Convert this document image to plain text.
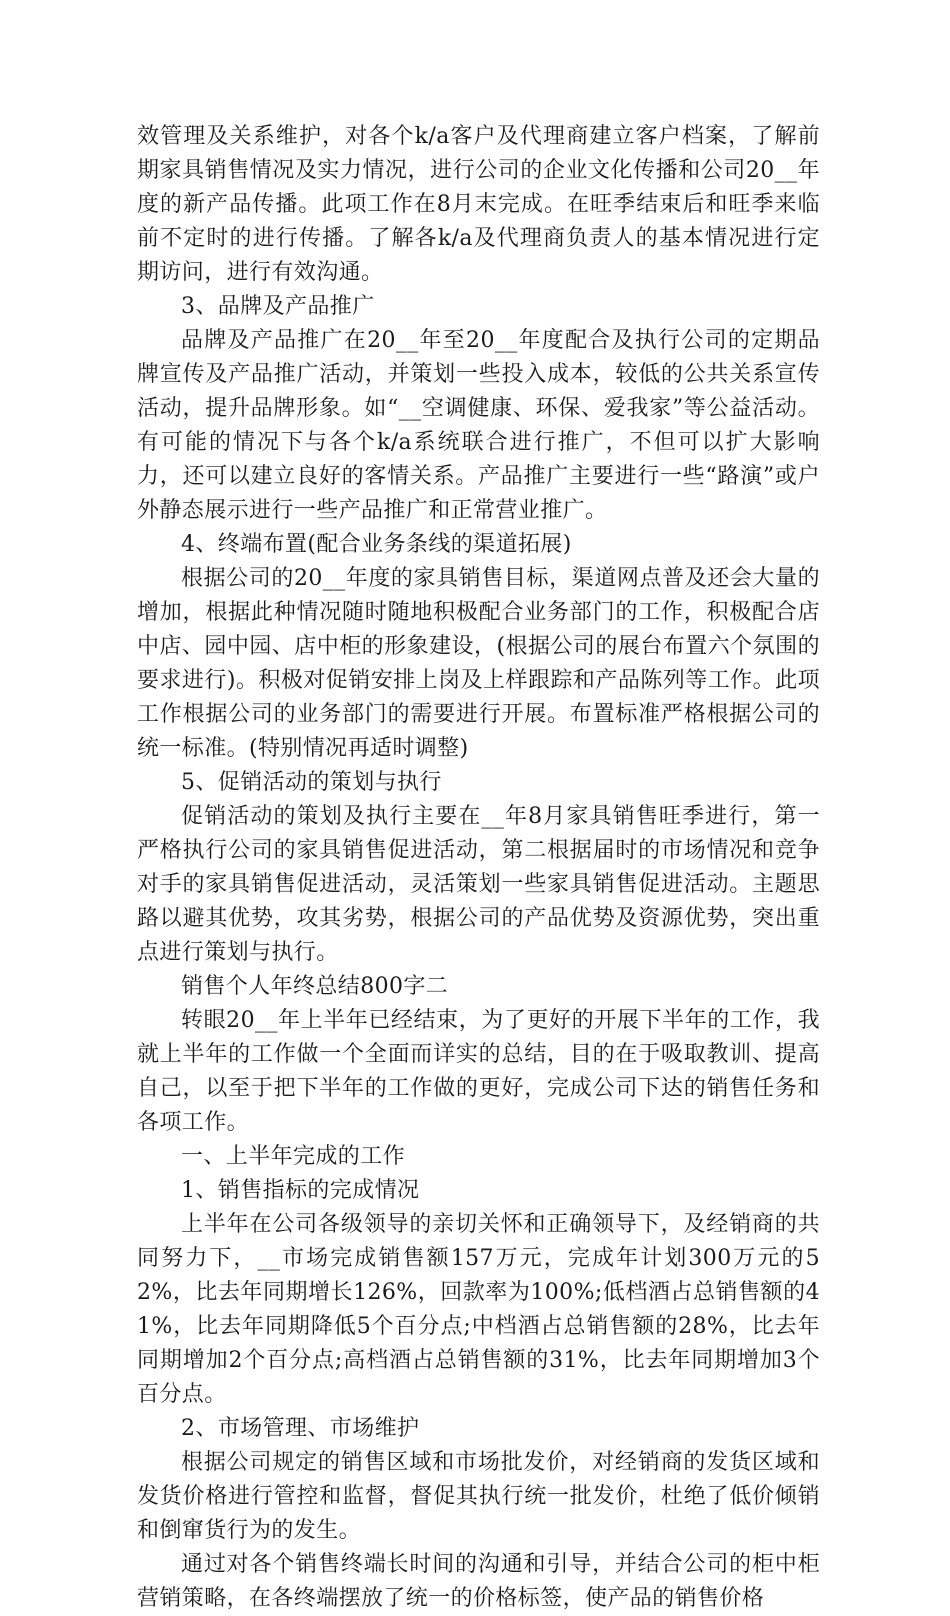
效管理及关系维护，对各个k/a客户及代理商建立客户档案，了解前期家具销售情况及实力情况，进行公司的企业文化传播和公司20__年度的新产品传播。此项工作在8月末完成。在旺季结束后和旺季来临前不定时的进行传播。了解各k/a及代理商负责人的基本情况进行定期访问，进行有效沟通。

3、品牌及产品推广

品牌及产品推广在20__年至20__年度配合及执行公司的定期品牌宣传及产品推广活动，并策划一些投入成本，较低的公共关系宣传活动，提升品牌形象。如“__空调健康、环保、爱我家”等公益活动。有可能的情况下与各个k/a系统联合进行推广，不但可以扩大影响力，还可以建立良好的客情关系。产品推广主要进行一些“路演”或户外静态展示进行一些产品推广和正常营业推广。

4、终端布置(配合业务条线的渠道拓展)

根据公司的20__年度的家具销售目标，渠道网点普及还会大量的增加，根据此种情况随时随地积极配合业务部门的工作，积极配合店中店、园中园、店中柜的形象建设，(根据公司的展台布置六个氛围的要求进行)。积极对促销安排上岗及上样跟踪和产品陈列等工作。此项工作根据公司的业务部门的需要进行开展。布置标准严格根据公司的统一标准。(特别情况再适时调整)

5、促销活动的策划与执行

促销活动的策划及执行主要在__年8月家具销售旺季进行，第一严格执行公司的家具销售促进活动，第二根据届时的市场情况和竞争对手的家具销售促进活动，灵活策划一些家具销售促进活动。主题思路以避其优势，攻其劣势，根据公司的产品优势及资源优势，突出重点进行策划与执行。

销售个人年终总结800字二

转眼20__年上半年已经结束，为了更好的开展下半年的工作，我就上半年的工作做一个全面而详实的总结，目的在于吸取教训、提高自己，以至于把下半年的工作做的更好，完成公司下达的销售任务和各项工作。

一、上半年完成的工作

1、销售指标的完成情况

上半年在公司各级领导的亲切关怀和正确领导下，及经销商的共同努力下，__市场完成销售额157万元，完成年计划300万元的52%，比去年同期增长126%，回款率为100%;低档酒占总销售额的41%，比去年同期降低5个百分点;中档酒占总销售额的28%，比去年同期增加2个百分点;高档酒占总销售额的31%，比去年同期增加3个百分点。

2、市场管理、市场维护

根据公司规定的销售区域和市场批发价，对经销商的发货区域和发货价格进行管控和监督，督促其执行统一批发价，杜绝了低价倾销和倒窜货行为的发生。

通过对各个销售终端长时间的沟通和引导，并结合公司的柜中柜营销策略，在各终端摆放了统一的价格标签，使产品的销售价格
